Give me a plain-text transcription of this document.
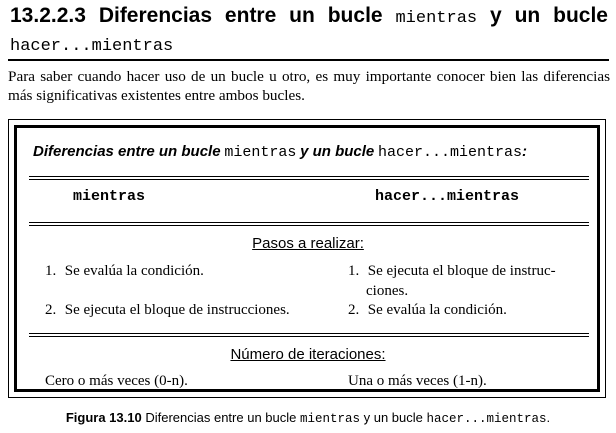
13.2.2.3 Diferencias entre un bucle mientras y un bucle hacer...mientras

Para saber cuando hacer uso de un bucle u otro, es muy importante conocer bien las diferencias más significativas existentes entre ambos bucles.

Diferencias entre un bucle mientras y un bucle hacer...mientras:
mientras	hacer...mientras
Pasos a realizar:
1. Se evalúa la condición.
2. Se ejecuta el bloque de instrucciones.
1. Se ejecuta el bloque de instruc-
ciones.
2. Se evalúa la condición.
Número de iteraciones:
Cero o más veces (0-n).	Una o más veces (1-n).
Figura 13.10 Diferencias entre un bucle mientras y un bucle hacer...mientras.
